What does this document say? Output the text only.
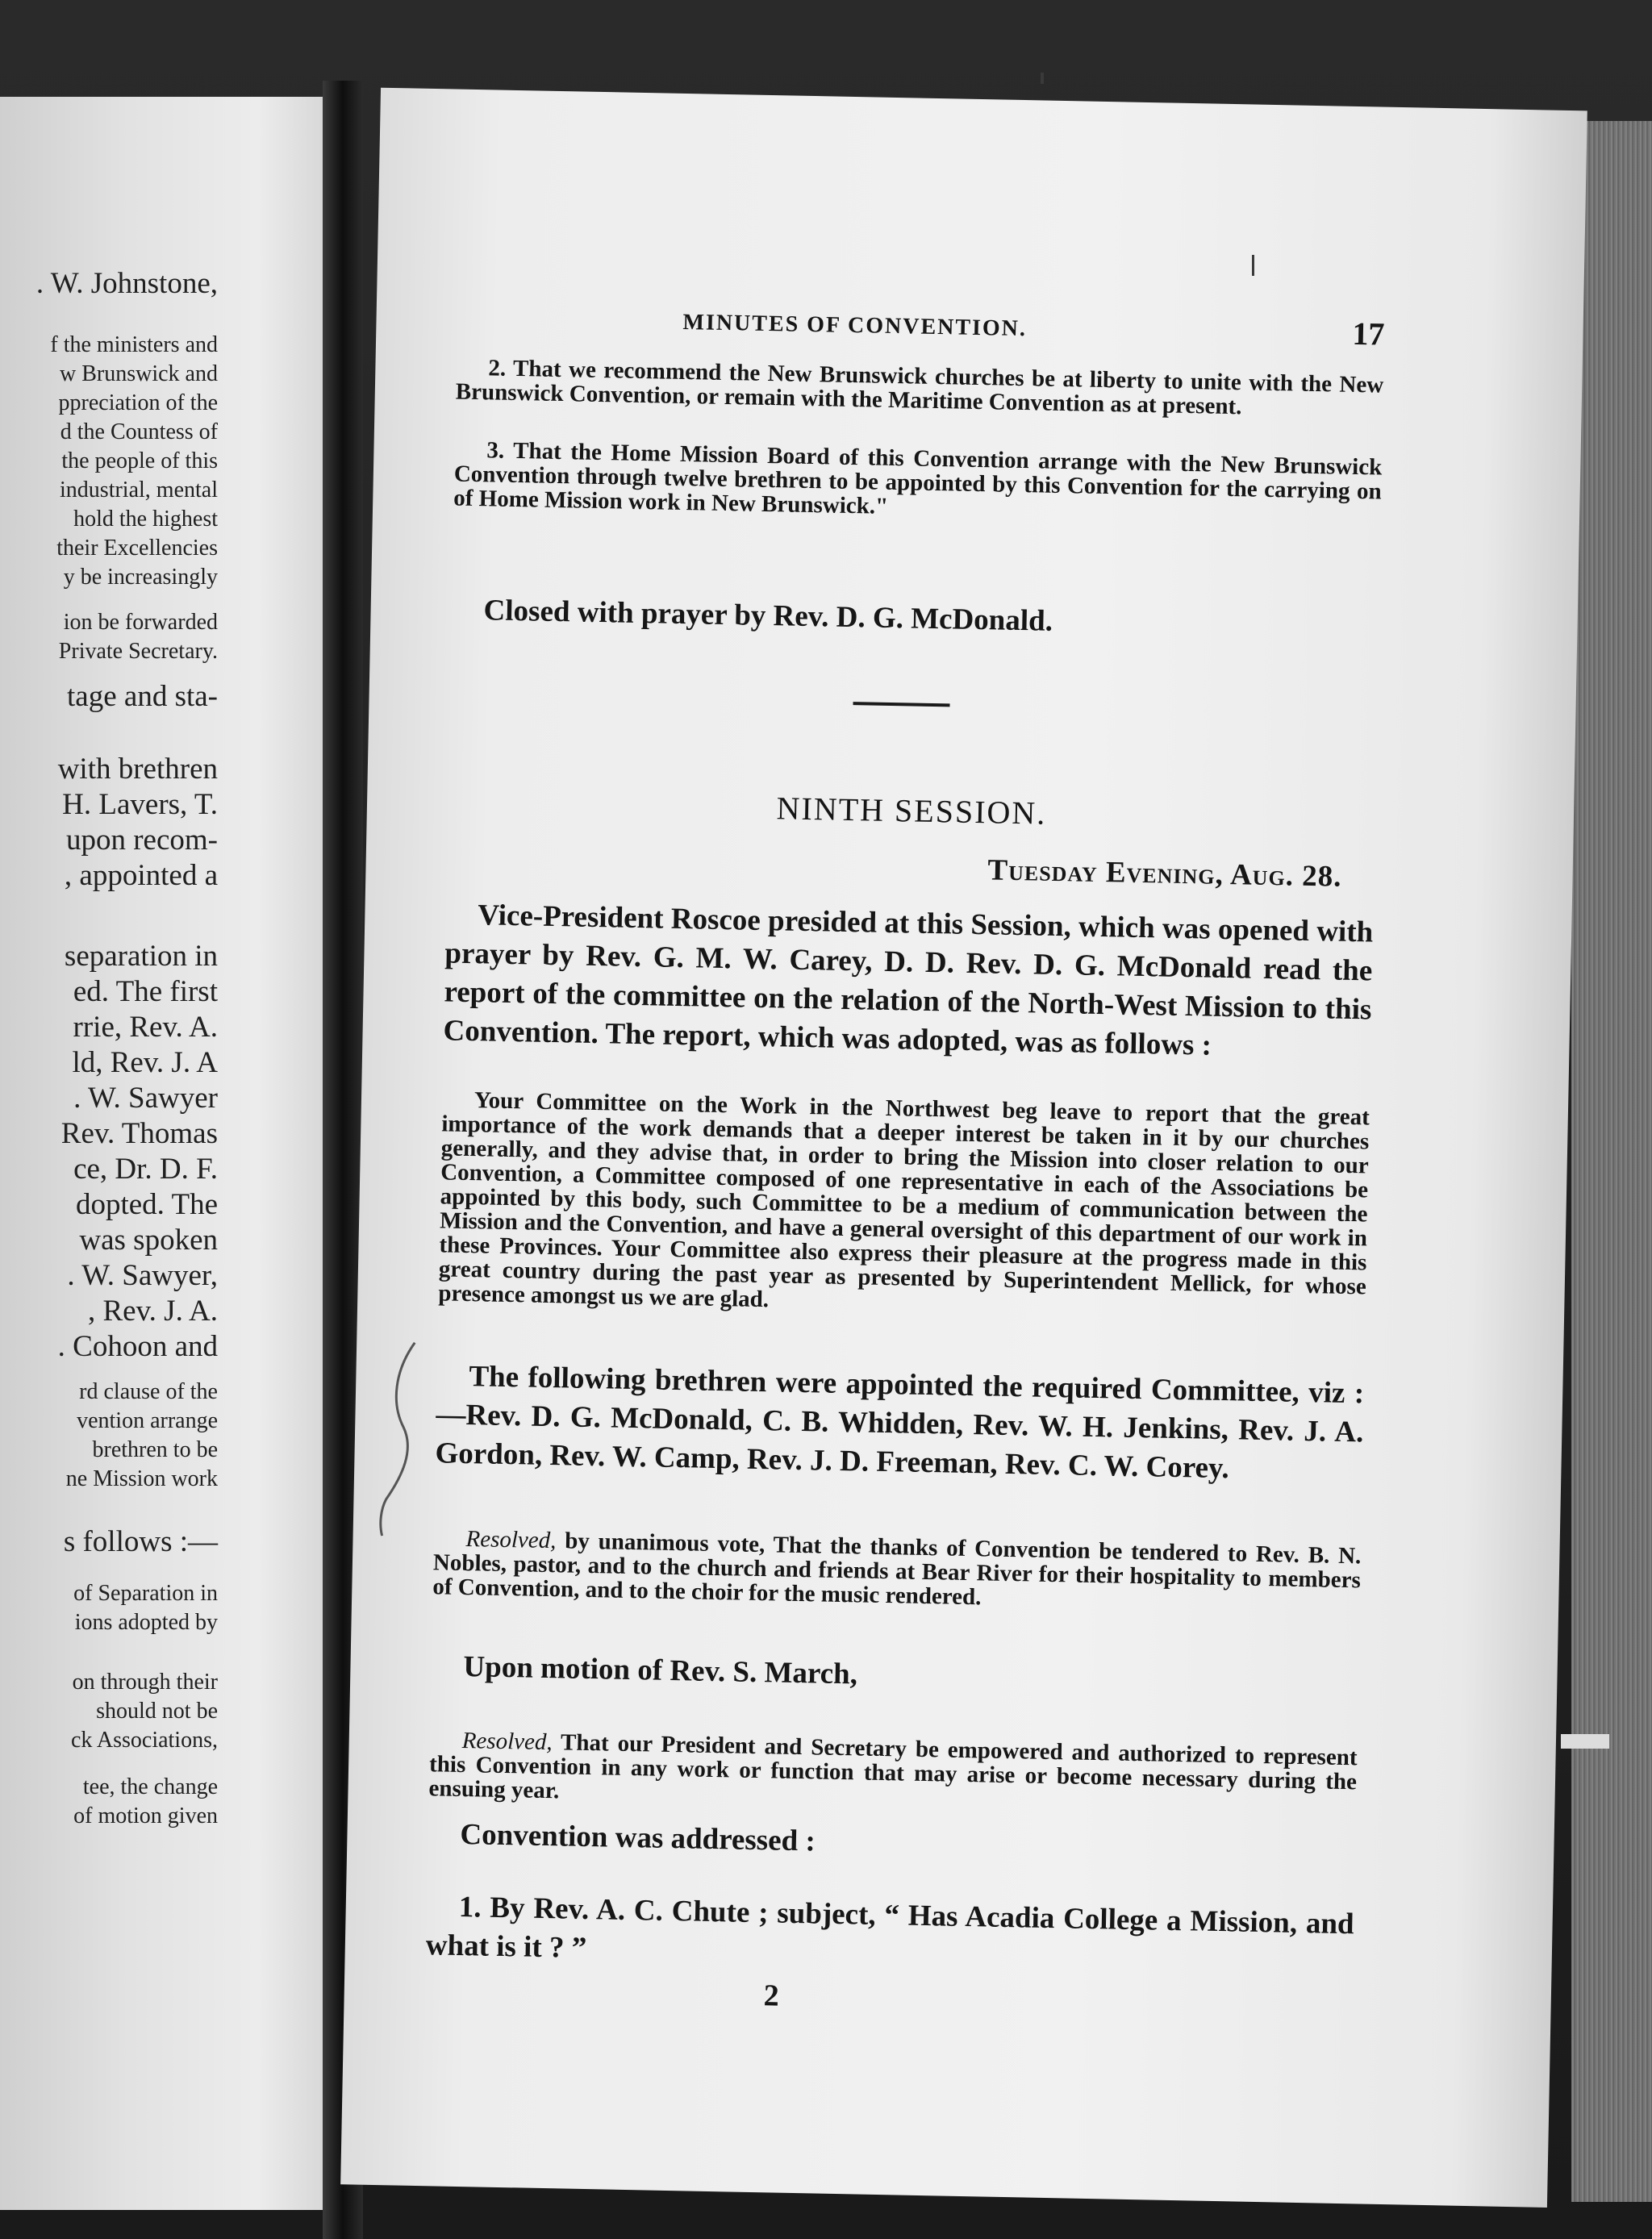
. W. Johnstone,
f the ministers and
w Brunswick and
ppreciation of the
d the Countess of
the people of this
industrial, mental
hold the highest
their Excellencies
y be increasingly
ion be forwarded
Private Secretary.
tage and sta-
with brethren
H. Lavers, T.
upon recom-
, appointed a
separation in
ed. The first
rrie, Rev. A.
ld, Rev. J. A
. W. Sawyer
Rev. Thomas
ce, Dr. D. F.
dopted. The
was spoken
. W. Sawyer,
, Rev. J. A.
. Cohoon and
rd clause of the
vention arrange
brethren to be
ne Mission work
s follows :—
of Separation in
ions adopted by
on through their
should not be
ck Associations,
tee, the change
of motion given
MINUTES OF CONVENTION.	17
2. That we recommend the New Brunswick churches be at liberty to unite with the New Brunswick Convention, or remain with the Maritime Convention as at present.
3. That the Home Mission Board of this Convention arrange with the New Brunswick Convention through twelve brethren to be appointed by this Convention for the carrying on of Home Mission work in New Brunswick."
Closed with prayer by Rev. D. G. McDonald.
NINTH SESSION.
Tuesday Evening, Aug. 28.
Vice-President Roscoe presided at this Session, which was opened with prayer by Rev. G. M. W. Carey, D. D. Rev. D. G. McDonald read the report of the committee on the relation of the North-West Mission to this Convention. The report, which was adopted, was as follows :
Your Committee on the Work in the Northwest beg leave to report that the great importance of the work demands that a deeper interest be taken in it by our churches generally, and they advise that, in order to bring the Mission into closer relation to our Convention, a Committee composed of one representative in each of the Associations be appointed by this body, such Committee to be a medium of communication between the Mission and the Convention, and have a general oversight of this department of our work in these Provinces. Your Committee also express their pleasure at the progress made in this great country during the past year as presented by Superintendent Mellick, for whose presence amongst us we are glad.
The following brethren were appointed the required Committee, viz :—Rev. D. G. McDonald, C. B. Whidden, Rev. W. H. Jenkins, Rev. J. A. Gordon, Rev. W. Camp, Rev. J. D. Freeman, Rev. C. W. Corey.
Resolved, by unanimous vote, That the thanks of Convention be tendered to Rev. B. N. Nobles, pastor, and to the church and friends at Bear River for their hospitality to members of Convention, and to the choir for the music rendered.
Upon motion of Rev. S. March,
Resolved, That our President and Secretary be empowered and authorized to represent this Convention in any work or function that may arise or become necessary during the ensuing year.
Convention was addressed :
1. By Rev. A. C. Chute ; subject, “ Has Acadia College a Mission, and what is it ? ”
2
